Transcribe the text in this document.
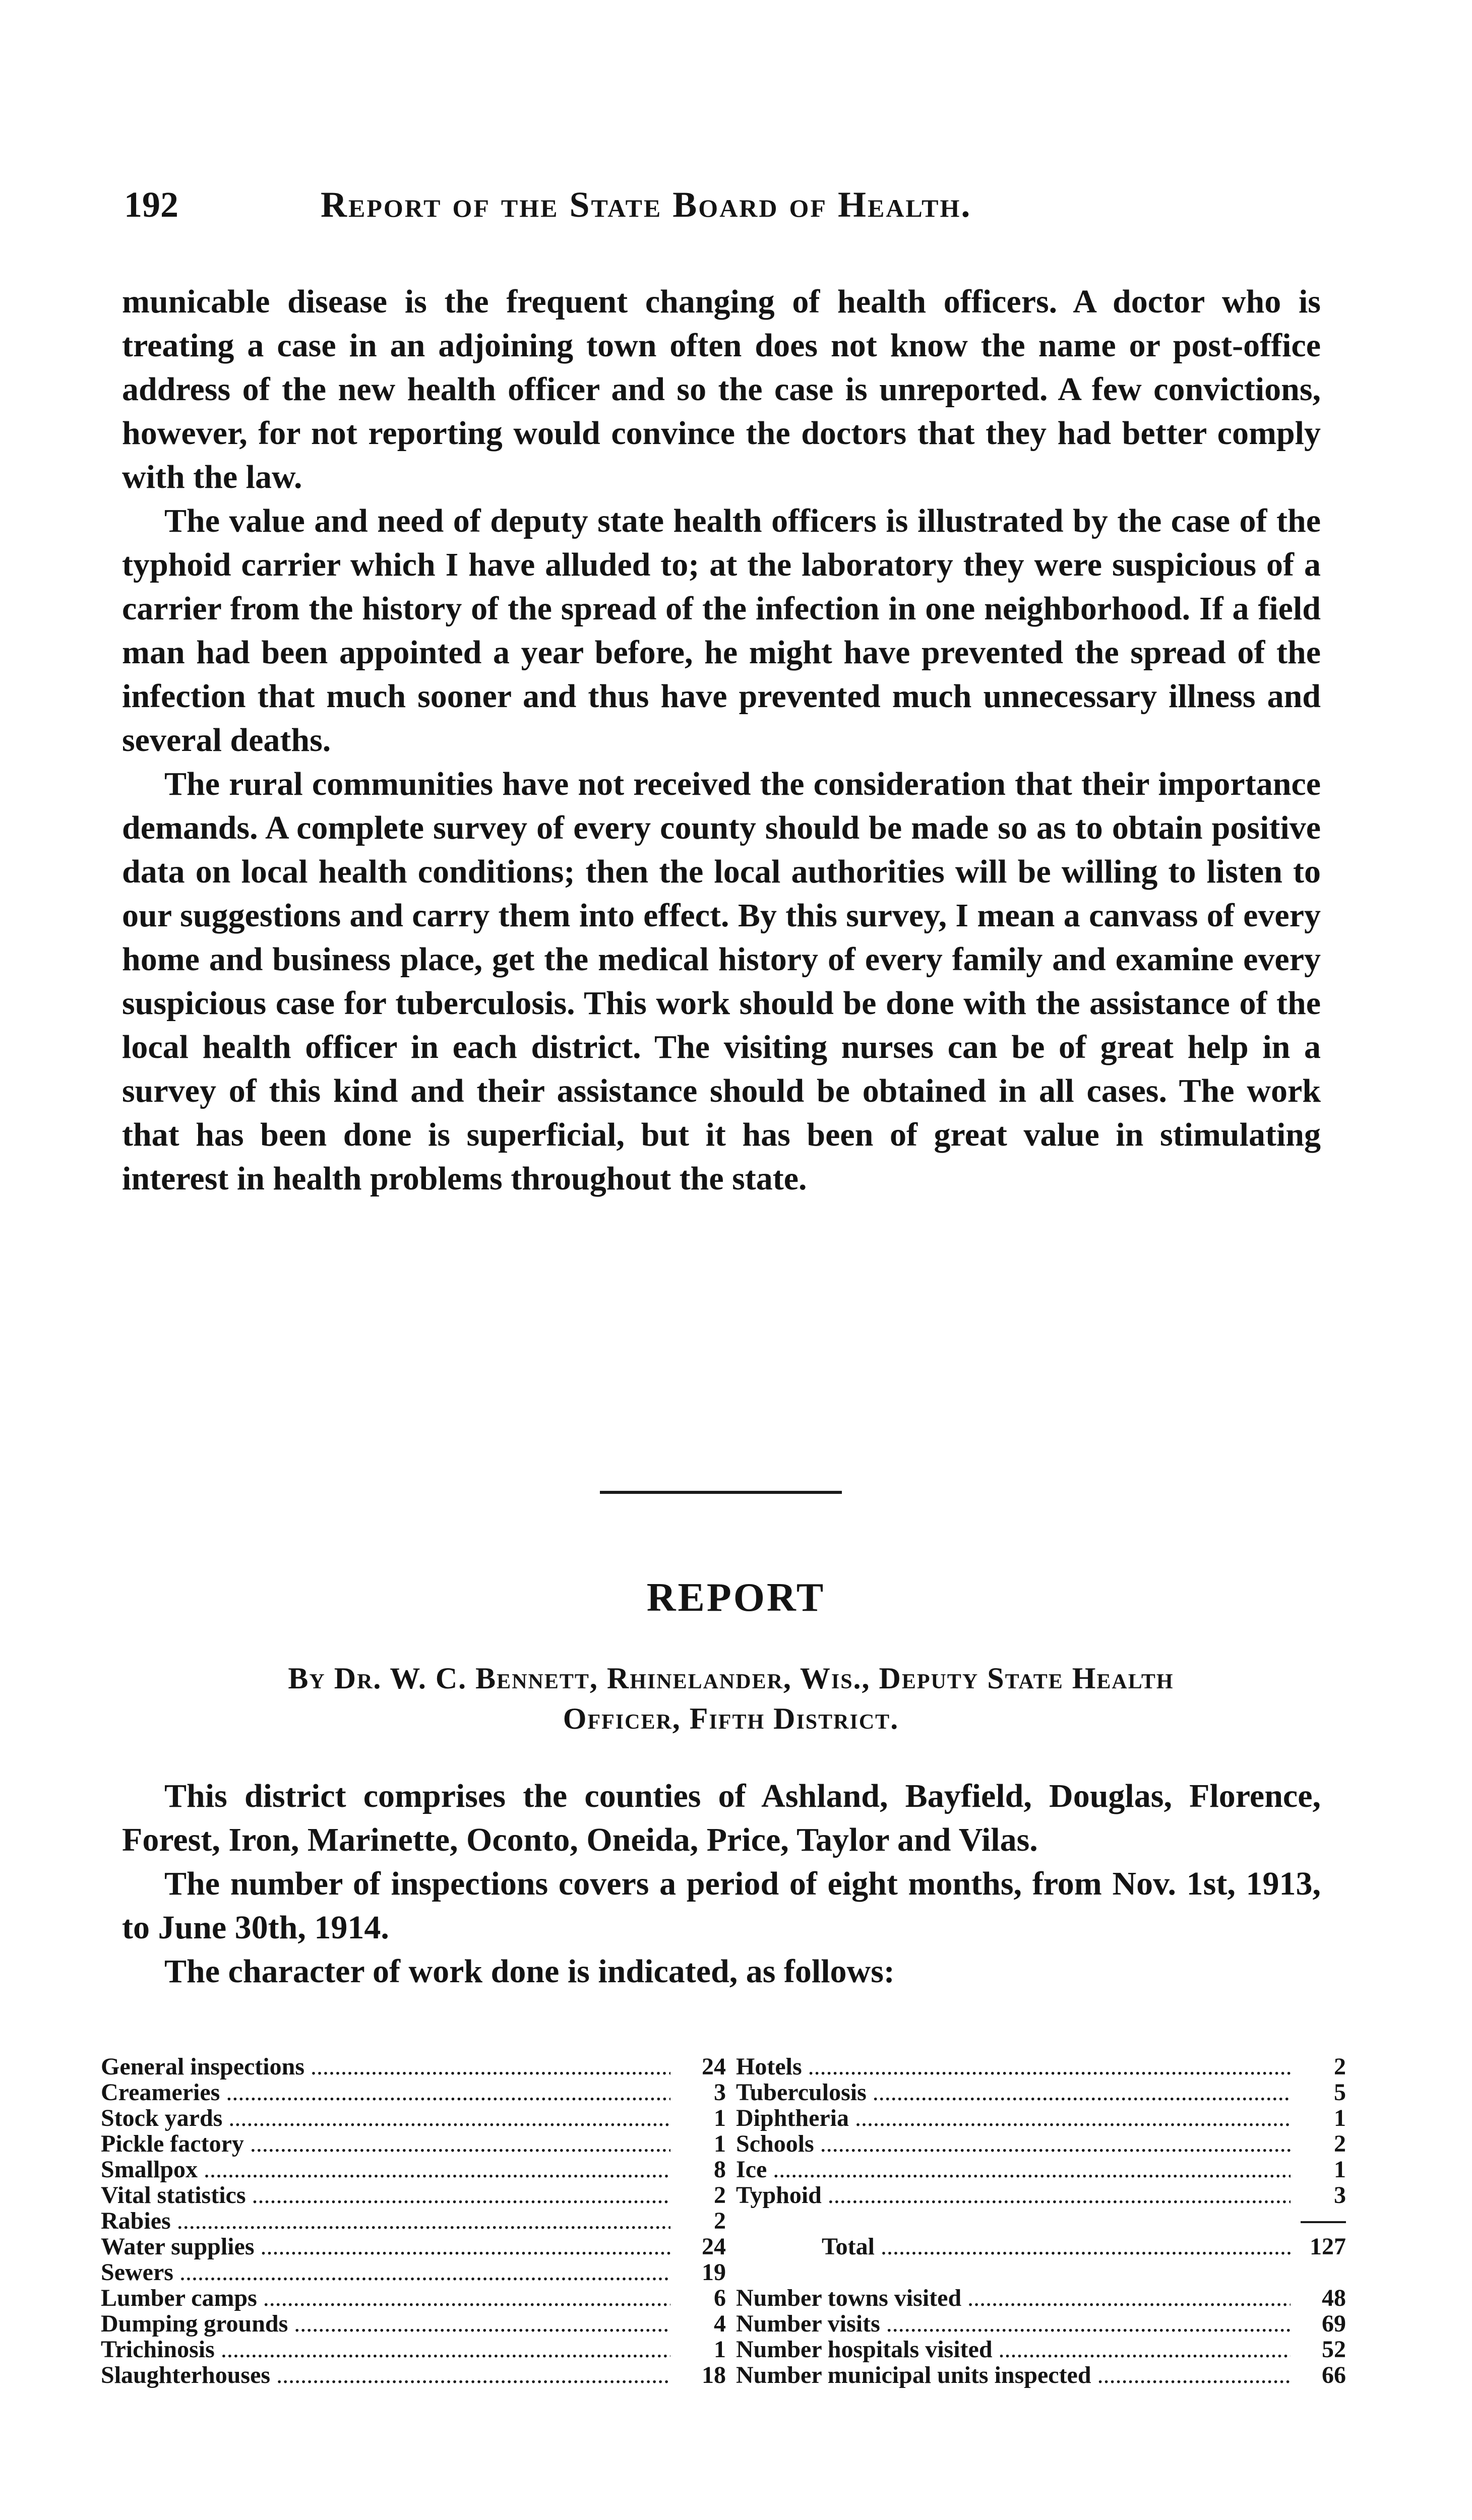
192	Report of the State Board of Health.

municable disease is the frequent changing of health officers. A doctor who is treating a case in an adjoining town often does not know the name or post-office address of the new health officer and so the case is unreported. A few convictions, however, for not reporting would convince the doctors that they had better comply with the law.

The value and need of deputy state health officers is illustrated by the case of the typhoid carrier which I have alluded to; at the laboratory they were suspicious of a carrier from the history of the spread of the infection in one neighborhood. If a field man had been appointed a year before, he might have prevented the spread of the infection that much sooner and thus have prevented much unnecessary illness and several deaths.

The rural communities have not received the consideration that their importance demands. A complete survey of every county should be made so as to obtain positive data on local health conditions; then the local authorities will be willing to listen to our suggestions and carry them into effect. By this survey, I mean a canvass of every home and business place, get the medical history of every family and examine every suspicious case for tuberculosis. This work should be done with the assistance of the local health officer in each district. The visiting nurses can be of great help in a survey of this kind and their assistance should be obtained in all cases. The work that has been done is superficial, but it has been of great value in stimulating interest in health problems throughout the state.

REPORT
By Dr. W. C. Bennett, Rhinelander, Wis., Deputy State Health
Officer, Fifth District.

This district comprises the counties of Ashland, Bayfield, Douglas, Florence, Forest, Iron, Marinette, Oconto, Oneida, Price, Taylor and Vilas.

The number of inspections covers a period of eight months, from Nov. 1st, 1913, to June 30th, 1914.

The character of work done is indicated, as follows:

General inspections .....	24
Creameries .....	3
Stock yards .....	1
Pickle factory .....	1
Smallpox .....	8
Vital statistics .....	2
Rabies .....	2
Water supplies .....	24
Sewers .....	19
Lumber camps .....	6
Dumping grounds .....	4
Trichinosis .....	1
Slaughterhouses .....	18
Hotels .....	2
Tuberculosis .....	5
Diphtheria .....	1
Schools .....	2
Ice .....	1
Typhoid .....	3
Total .....	127
Number towns visited .....	48
Number visits .....	69
Number hospitals visited .....	52
Number municipal units inspected .....	66
